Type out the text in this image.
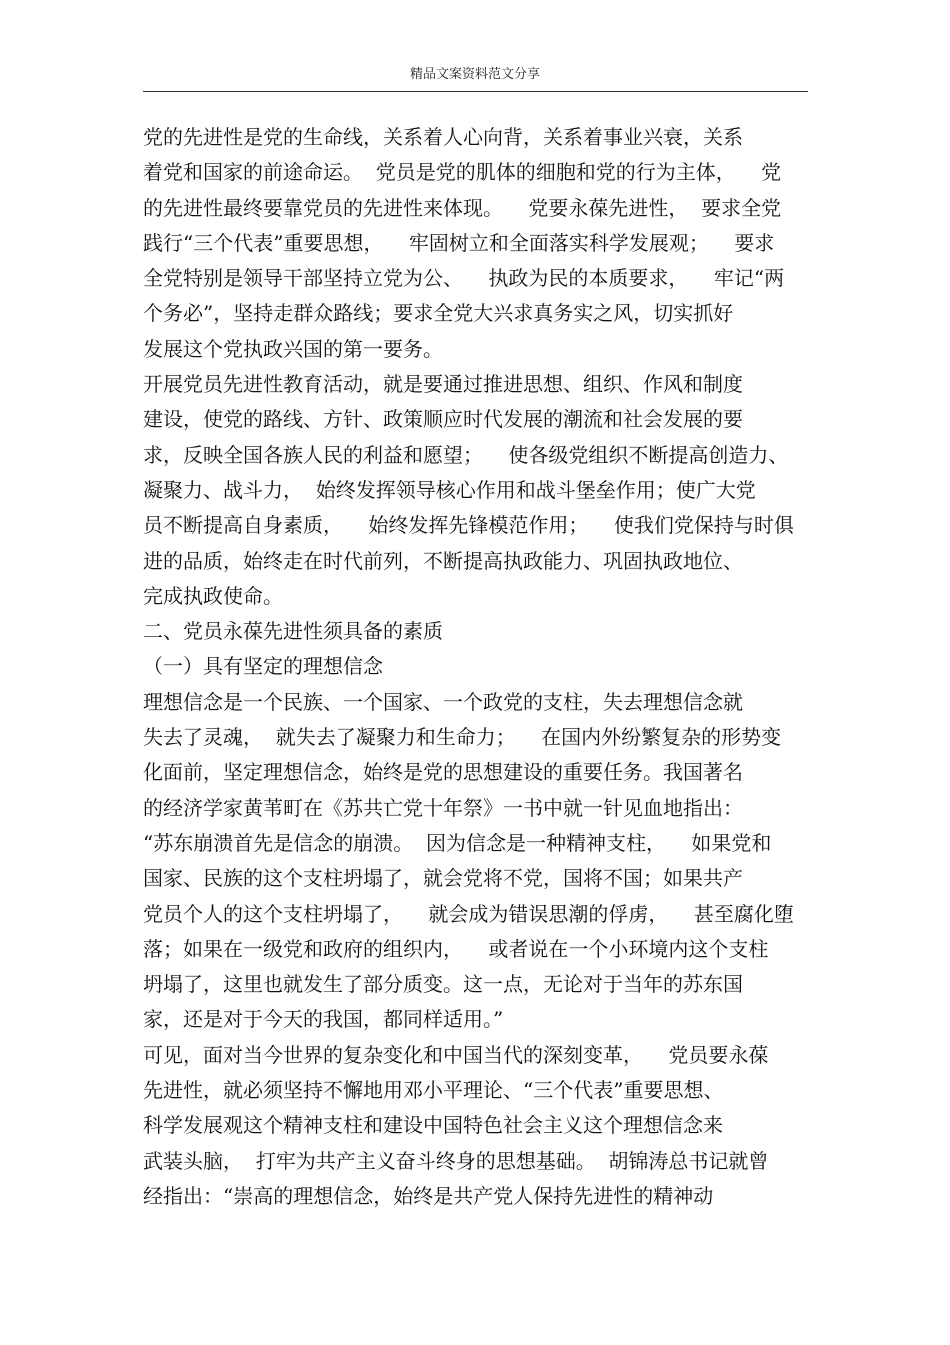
精品文案资料范文分享
党的先进性是党的生命线，关系着人心向背，关系着事业兴衰，关系
着党和国家的前途命运。  党员是党的肌体的细胞和党的行为主体，    党
的先进性最终要靠党员的先进性来体现。    党要永葆先进性，  要求全党
践行“三个代表”重要思想，    牢固树立和全面落实科学发展观；    要求
全党特别是领导干部坚持立党为公、    执政为民的本质要求，    牢记“两
个务必”，坚持走群众路线；要求全党大兴求真务实之风，切实抓好
发展这个党执政兴国的第一要务。
开展党员先进性教育活动，就是要通过推进思想、组织、作风和制度
建设，使党的路线、方针、政策顺应时代发展的潮流和社会发展的要
求，反映全国各族人民的利益和愿望；    使各级党组织不断提高创造力、
凝聚力、战斗力，  始终发挥领导核心作用和战斗堡垒作用；使广大党
员不断提高自身素质，    始终发挥先锋模范作用；    使我们党保持与时俱
进的品质，始终走在时代前列，不断提高执政能力、巩固执政地位、
完成执政使命。
二、党员永葆先进性须具备的素质
（一）具有坚定的理想信念
理想信念是一个民族、一个国家、一个政党的支柱，失去理想信念就
失去了灵魂，  就失去了凝聚力和生命力；    在国内外纷繁复杂的形势变
化面前，坚定理想信念，始终是党的思想建设的重要任务。我国著名
的经济学家黄苇町在《苏共亡党十年祭》一书中就一针见血地指出：
“苏东崩溃首先是信念的崩溃。  因为信念是一种精神支柱，    如果党和
国家、民族的这个支柱坍塌了，就会党将不党，国将不国；如果共产
党员个人的这个支柱坍塌了，    就会成为错误思潮的俘虏，    甚至腐化堕
落；如果在一级党和政府的组织内，    或者说在一个小环境内这个支柱
坍塌了，这里也就发生了部分质变。这一点，无论对于当年的苏东国
家，还是对于今天的我国，都同样适用。”
可见，面对当今世界的复杂变化和中国当代的深刻变革，    党员要永葆
先进性，就必须坚持不懈地用邓小平理论、“三个代表”重要思想、
科学发展观这个精神支柱和建设中国特色社会主义这个理想信念来
武装头脑，  打牢为共产主义奋斗终身的思想基础。  胡锦涛总书记就曾
经指出：“崇高的理想信念，始终是共产党人保持先进性的精神动
